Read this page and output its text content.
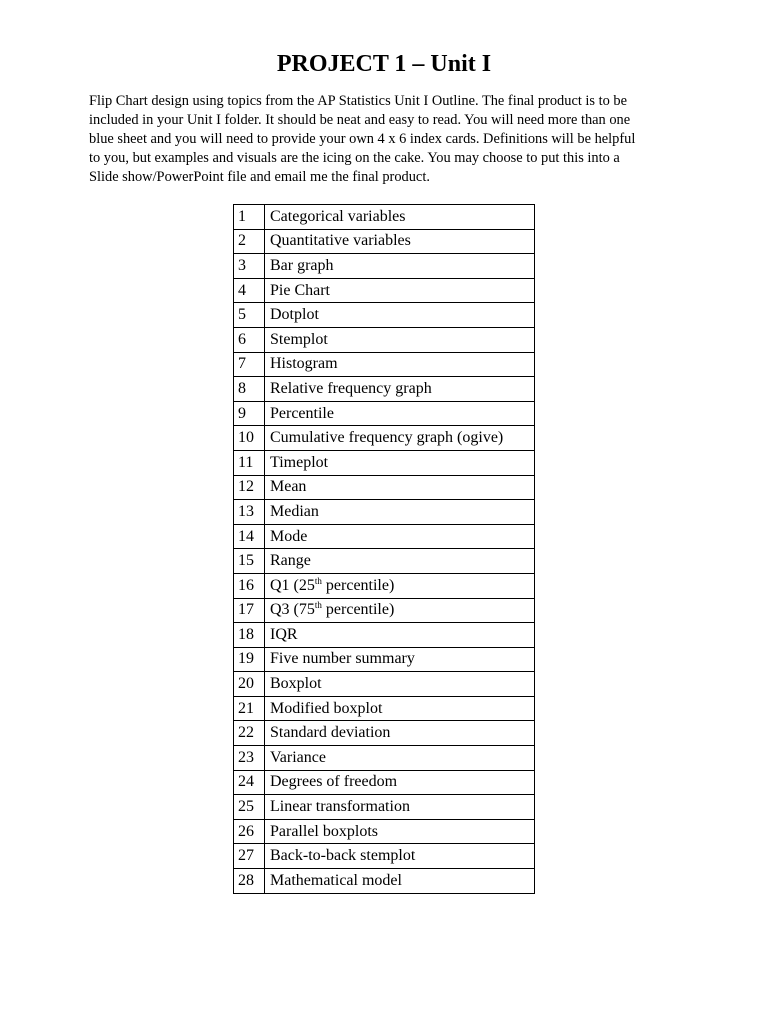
PROJECT 1 – Unit I

Flip Chart design using topics from the AP Statistics Unit I Outline. The final product is to be
included in your Unit I folder. It should be neat and easy to read. You will need more than one
blue sheet and you will need to provide your own 4 x 6 index cards. Definitions will be helpful
to you, but examples and visuals are the icing on the cake. You may choose to put this into a
Slide show/PowerPoint file and email me the final product.

1	Categorical variables
2	Quantitative variables
3	Bar graph
4	Pie Chart
5	Dotplot
6	Stemplot
7	Histogram
8	Relative frequency graph
9	Percentile
10	Cumulative frequency graph (ogive)
11	Timeplot
12	Mean
13	Median
14	Mode
15	Range
16	Q1 (25th percentile)
17	Q3 (75th percentile)
18	IQR
19	Five number summary
20	Boxplot
21	Modified boxplot
22	Standard deviation
23	Variance
24	Degrees of freedom
25	Linear transformation
26	Parallel boxplots
27	Back-to-back stemplot
28	Mathematical model
